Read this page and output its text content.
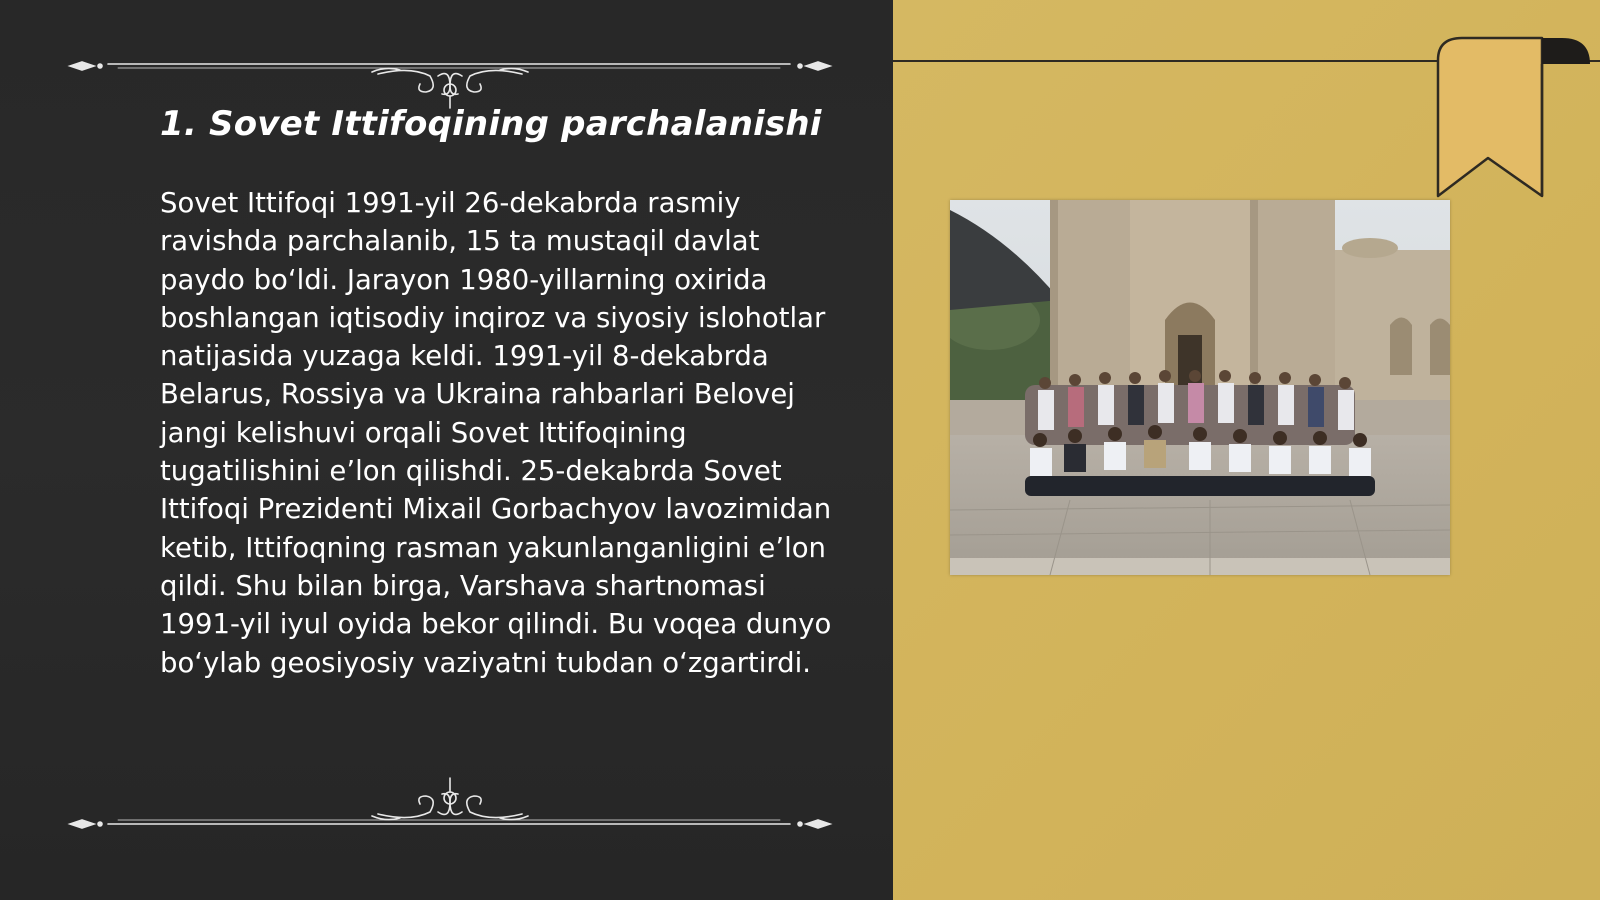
1. Sovet Ittifoqining parchalanishi

Sovet Ittifoqi 1991-yil 26-dekabrda rasmiy ravishda parchalanib, 15 ta mustaqil davlat paydo bo‘ldi. Jarayon 1980-yillarning oxirida boshlangan iqtisodiy inqiroz va siyosiy islohotlar natijasida yuzaga keldi. 1991-yil 8-dekabrda Belarus, Rossiya va Ukraina rahbarlari Belovej jangi kelishuvi orqali Sovet Ittifoqining tugatilishini e’lon qilishdi. 25-dekabrda Sovet Ittifoqi Prezidenti Mixail Gorbachyov lavozimidan ketib, Ittifoqning rasman yakunlanganligini e’lon qildi. Shu bilan birga, Varshava shartnomasi 1991-yil iyul oyida bekor qilindi. Bu voqea dunyo bo‘ylab geosiyosiy vaziyatni tubdan o‘zgartirdi.
